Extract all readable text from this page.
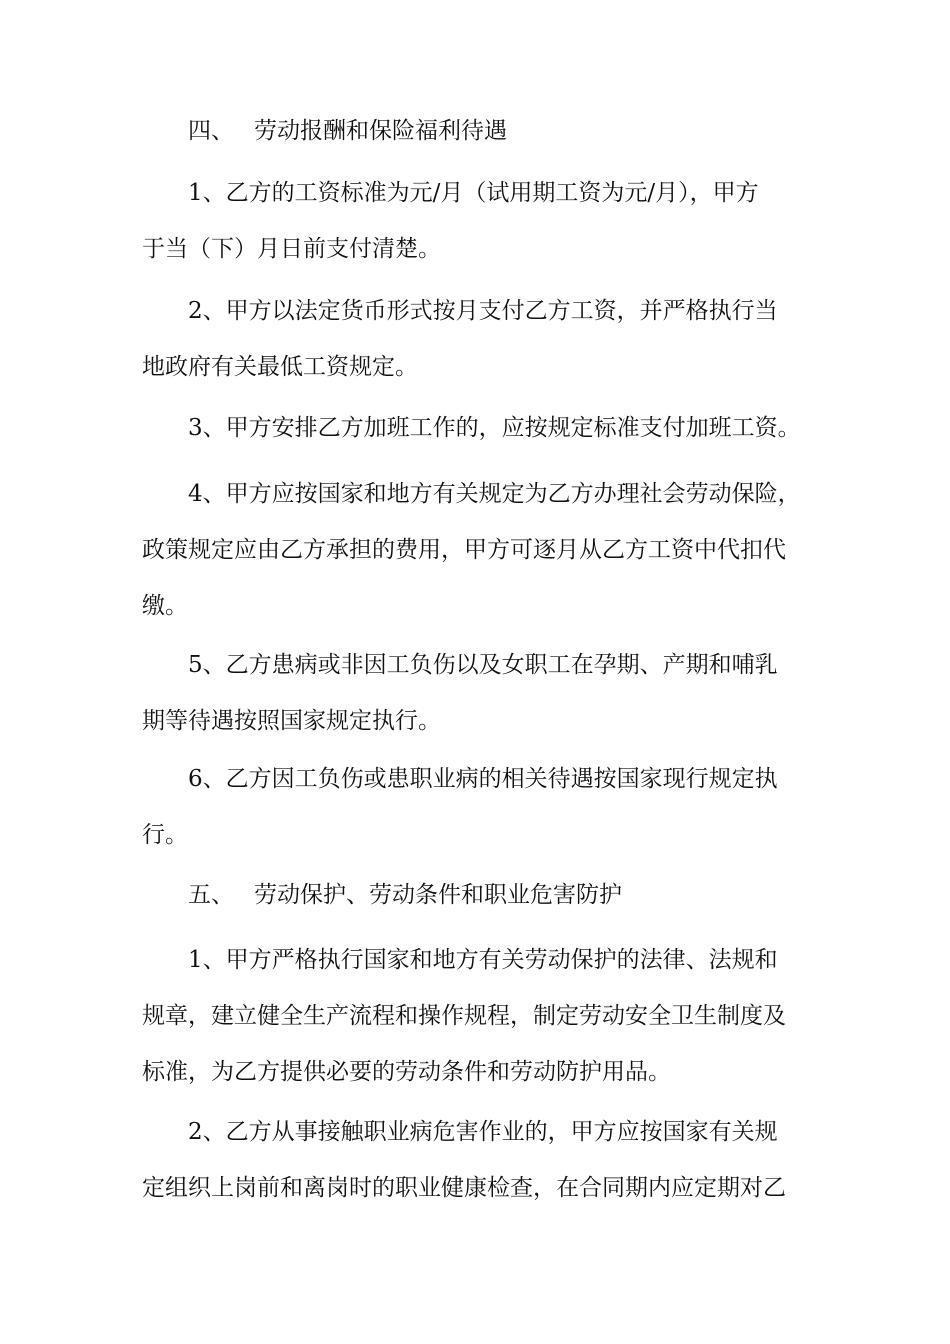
四、 劳动报酬和保险福利待遇
1、乙方的工资标准为元/月（试用期工资为元/月），甲方
于当（下）月日前支付清楚。
2、甲方以法定货币形式按月支付乙方工资，并严格执行当
地政府有关最低工资规定。
3、甲方安排乙方加班工作的，应按规定标准支付加班工资。
4、甲方应按国家和地方有关规定为乙方办理社会劳动保险，
政策规定应由乙方承担的费用，甲方可逐月从乙方工资中代扣代
缴。
5、乙方患病或非因工负伤以及女职工在孕期、产期和哺乳
期等待遇按照国家规定执行。
6、乙方因工负伤或患职业病的相关待遇按国家现行规定执
行。
五、 劳动保护、劳动条件和职业危害防护
1、甲方严格执行国家和地方有关劳动保护的法律、法规和
规章，建立健全生产流程和操作规程，制定劳动安全卫生制度及
标准，为乙方提供必要的劳动条件和劳动防护用品。
2、乙方从事接触职业病危害作业的，甲方应按国家有关规
定组织上岗前和离岗时的职业健康检查，在合同期内应定期对乙
